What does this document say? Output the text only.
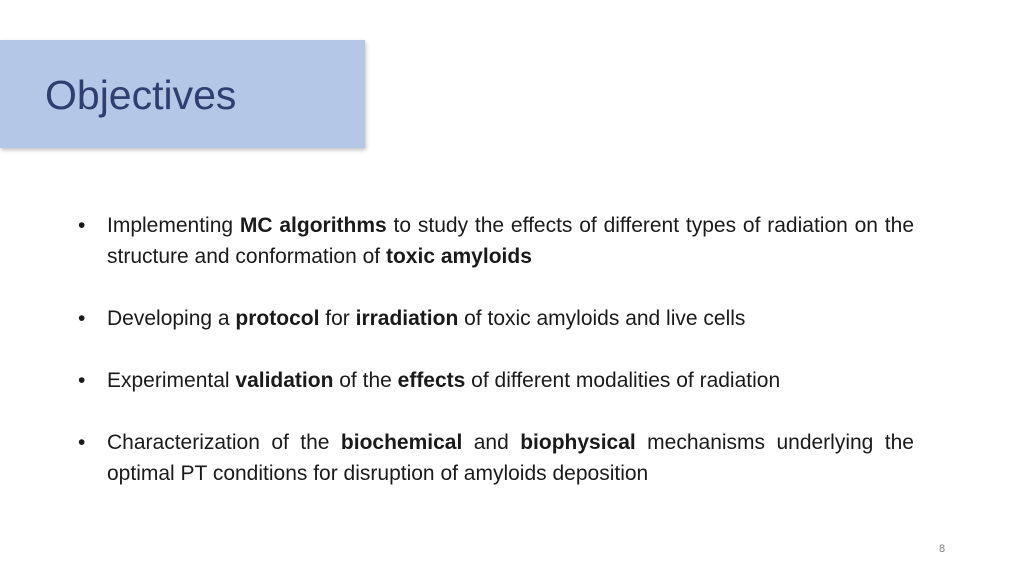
Objectives
• Implementing MC algorithms to study the effects of different types of radiation on the structure and conformation of toxic amyloids
• Developing a protocol for irradiation of toxic amyloids and live cells
• Experimental validation of the effects of different modalities of radiation
• Characterization of the biochemical and biophysical mechanisms underlying the optimal PT conditions for disruption of amyloids deposition
8
